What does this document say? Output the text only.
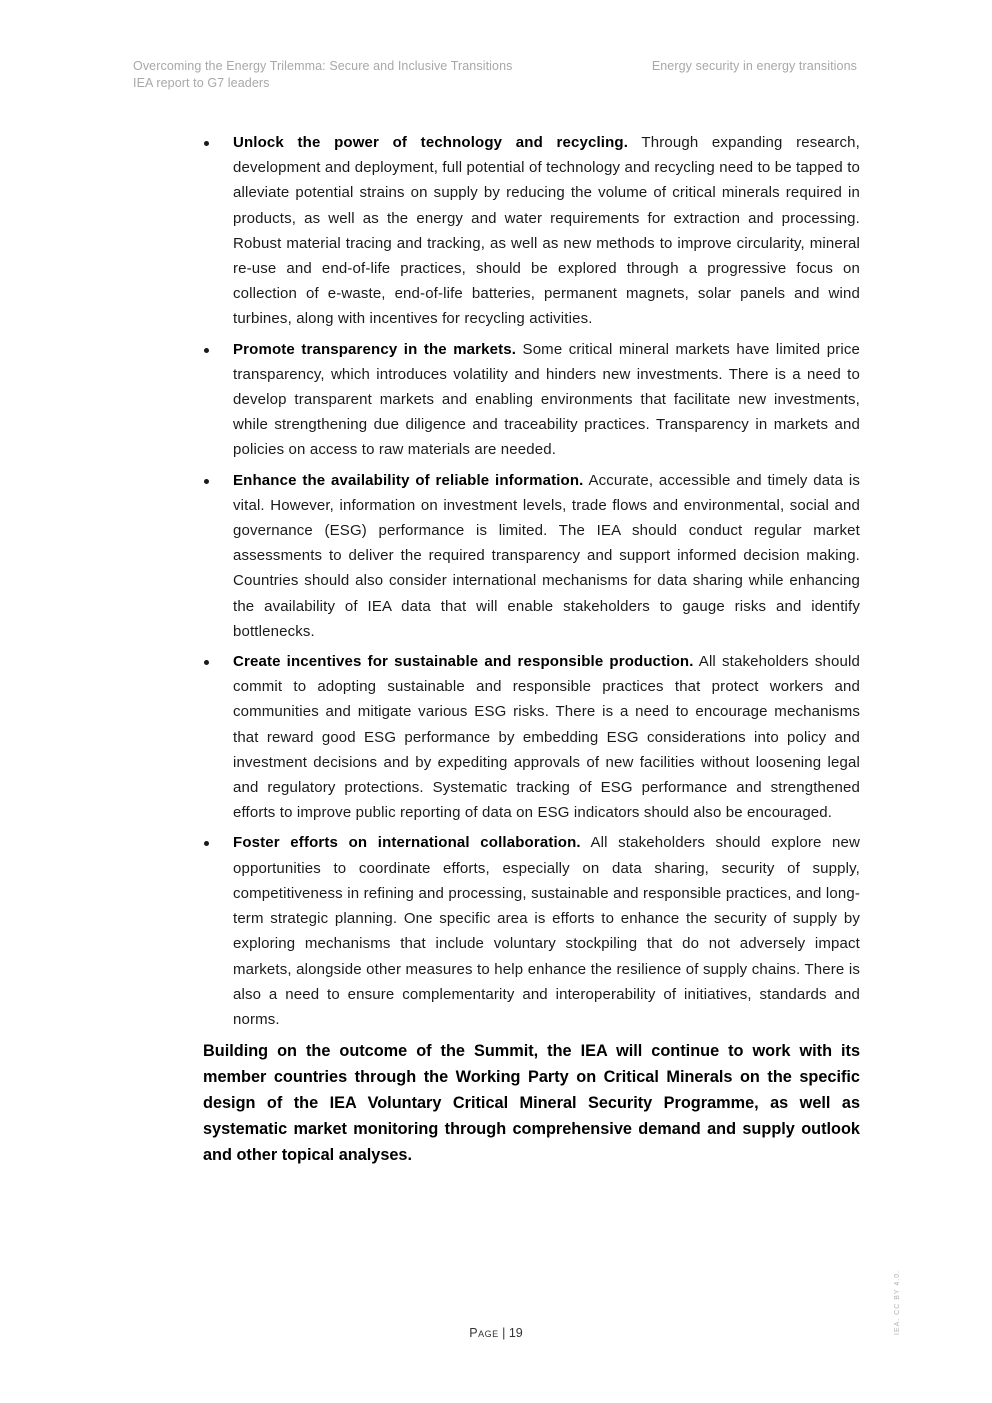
Overcoming the Energy Trilemma: Secure and Inclusive Transitions
IEA report to G7 leaders
Energy security in energy transitions
Unlock the power of technology and recycling. Through expanding research, development and deployment, full potential of technology and recycling need to be tapped to alleviate potential strains on supply by reducing the volume of critical minerals required in products, as well as the energy and water requirements for extraction and processing. Robust material tracing and tracking, as well as new methods to improve circularity, mineral re-use and end-of-life practices, should be explored through a progressive focus on collection of e-waste, end-of-life batteries, permanent magnets, solar panels and wind turbines, along with incentives for recycling activities.
Promote transparency in the markets. Some critical mineral markets have limited price transparency, which introduces volatility and hinders new investments. There is a need to develop transparent markets and enabling environments that facilitate new investments, while strengthening due diligence and traceability practices. Transparency in markets and policies on access to raw materials are needed.
Enhance the availability of reliable information. Accurate, accessible and timely data is vital. However, information on investment levels, trade flows and environmental, social and governance (ESG) performance is limited. The IEA should conduct regular market assessments to deliver the required transparency and support informed decision making. Countries should also consider international mechanisms for data sharing while enhancing the availability of IEA data that will enable stakeholders to gauge risks and identify bottlenecks.
Create incentives for sustainable and responsible production. All stakeholders should commit to adopting sustainable and responsible practices that protect workers and communities and mitigate various ESG risks. There is a need to encourage mechanisms that reward good ESG performance by embedding ESG considerations into policy and investment decisions and by expediting approvals of new facilities without loosening legal and regulatory protections. Systematic tracking of ESG performance and strengthened efforts to improve public reporting of data on ESG indicators should also be encouraged.
Foster efforts on international collaboration. All stakeholders should explore new opportunities to coordinate efforts, especially on data sharing, security of supply, competitiveness in refining and processing, sustainable and responsible practices, and long-term strategic planning. One specific area is efforts to enhance the security of supply by exploring mechanisms that include voluntary stockpiling that do not adversely impact markets, alongside other measures to help enhance the resilience of supply chains. There is also a need to ensure complementarity and interoperability of initiatives, standards and norms.

Building on the outcome of the Summit, the IEA will continue to work with its member countries through the Working Party on Critical Minerals on the specific design of the IEA Voluntary Critical Mineral Security Programme, as well as systematic market monitoring through comprehensive demand and supply outlook and other topical analyses.

Page | 19	IEA. CC BY 4.0.
